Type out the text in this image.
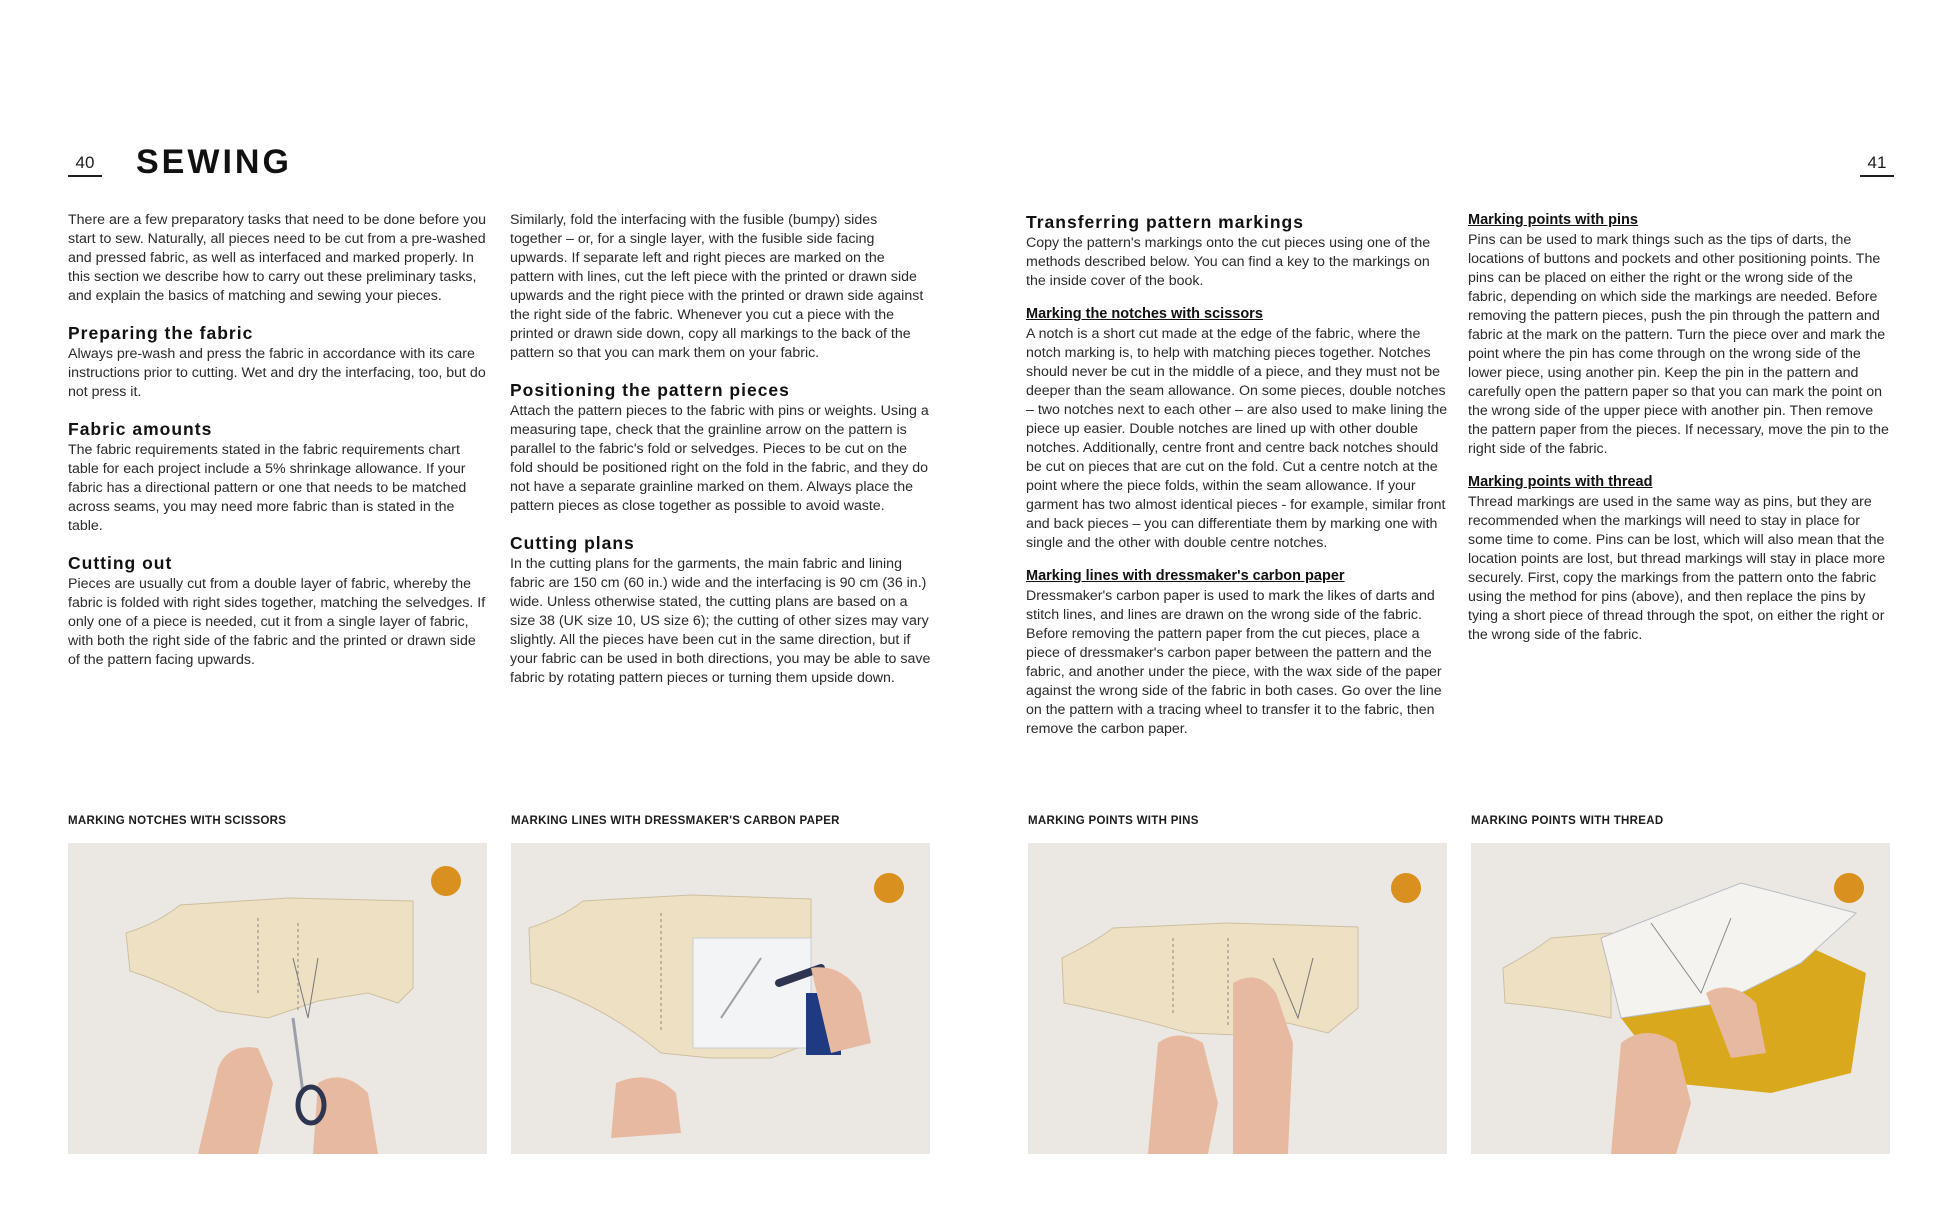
40 SEWING	41

There are a few preparatory tasks that need to be done before you start to sew. Naturally, all pieces need to be cut from a pre-washed and pressed fabric, as well as interfaced and marked properly. In this section we describe how to carry out these preliminary tasks, and explain the basics of matching and sewing your pieces.

Preparing the fabric

Always pre-wash and press the fabric in accordance with its care instructions prior to cutting. Wet and dry the interfacing, too, but do not press it.

Fabric amounts

The fabric requirements stated in the fabric requirements chart table for each project include a 5% shrinkage allowance. If your fabric has a directional pattern or one that needs to be matched across seams, you may need more fabric than is stated in the table.

Cutting out

Pieces are usually cut from a double layer of fabric, whereby the fabric is folded with right sides together, matching the selvedges. If only one of a piece is needed, cut it from a single layer of fabric, with both the right side of the fabric and the printed or drawn side of the pattern facing upwards.

Similarly, fold the interfacing with the fusible (bumpy) sides together – or, for a single layer, with the fusible side facing upwards. If separate left and right pieces are marked on the pattern with lines, cut the left piece with the printed or drawn side upwards and the right piece with the printed or drawn side against the right side of the fabric. Whenever you cut a piece with the printed or drawn side down, copy all markings to the back of the pattern so that you can mark them on your fabric.

Positioning the pattern pieces

Attach the pattern pieces to the fabric with pins or weights. Using a measuring tape, check that the grainline arrow on the pattern is parallel to the fabric's fold or selvedges. Pieces to be cut on the fold should be positioned right on the fold in the fabric, and they do not have a separate grainline marked on them. Always place the pattern pieces as close together as possible to avoid waste.

Cutting plans

In the cutting plans for the garments, the main fabric and lining fabric are 150 cm (60 in.) wide and the interfacing is 90 cm (36 in.) wide. Unless otherwise stated, the cutting plans are based on a size 38 (UK size 10, US size 6); the cutting of other sizes may vary slightly. All the pieces have been cut in the same direction, but if your fabric can be used in both directions, you may be able to save fabric by rotating pattern pieces or turning them upside down.

Transferring pattern markings

Copy the pattern's markings onto the cut pieces using one of the methods described below. You can find a key to the markings on the inside cover of the book.

Marking the notches with scissors

A notch is a short cut made at the edge of the fabric, where the notch marking is, to help with matching pieces together. Notches should never be cut in the middle of a piece, and they must not be deeper than the seam allowance. On some pieces, double notches – two notches next to each other – are also used to make lining the piece up easier. Double notches are lined up with other double notches. Additionally, centre front and centre back notches should be cut on pieces that are cut on the fold. Cut a centre notch at the point where the piece folds, within the seam allowance. If your garment has two almost identical pieces - for example, similar front and back pieces – you can differentiate them by marking one with single and the other with double centre notches.

Marking lines with dressmaker's carbon paper

Dressmaker's carbon paper is used to mark the likes of darts and stitch lines, and lines are drawn on the wrong side of the fabric. Before removing the pattern paper from the cut pieces, place a piece of dressmaker's carbon paper between the pattern and the fabric, and another under the piece, with the wax side of the paper against the wrong side of the fabric in both cases. Go over the line on the pattern with a tracing wheel to transfer it to the fabric, then remove the carbon paper.

Marking points with pins

Pins can be used to mark things such as the tips of darts, the locations of buttons and pockets and other positioning points. The pins can be placed on either the right or the wrong side of the fabric, depending on which side the markings are needed. Before removing the pattern pieces, push the pin through the pattern and fabric at the mark on the pattern. Turn the piece over and mark the point where the pin has come through on the wrong side of the lower piece, using another pin. Keep the pin in the pattern and carefully open the pattern paper so that you can mark the point on the wrong side of the upper piece with another pin. Then remove the pattern paper from the pieces. If necessary, move the pin to the right side of the fabric.

Marking points with thread

Thread markings are used in the same way as pins, but they are recommended when the markings will need to stay in place for some time to come. Pins can be lost, which will also mean that the location points are lost, but thread markings will stay in place more securely. First, copy the markings from the pattern onto the fabric using the method for pins (above), and then replace the pins by tying a short piece of thread through the spot, on either the right or the wrong side of the fabric.

MARKING NOTCHES WITH SCISSORS	MARKING LINES WITH DRESSMAKER'S CARBON PAPER	MARKING POINTS WITH PINS	MARKING POINTS WITH THREAD
